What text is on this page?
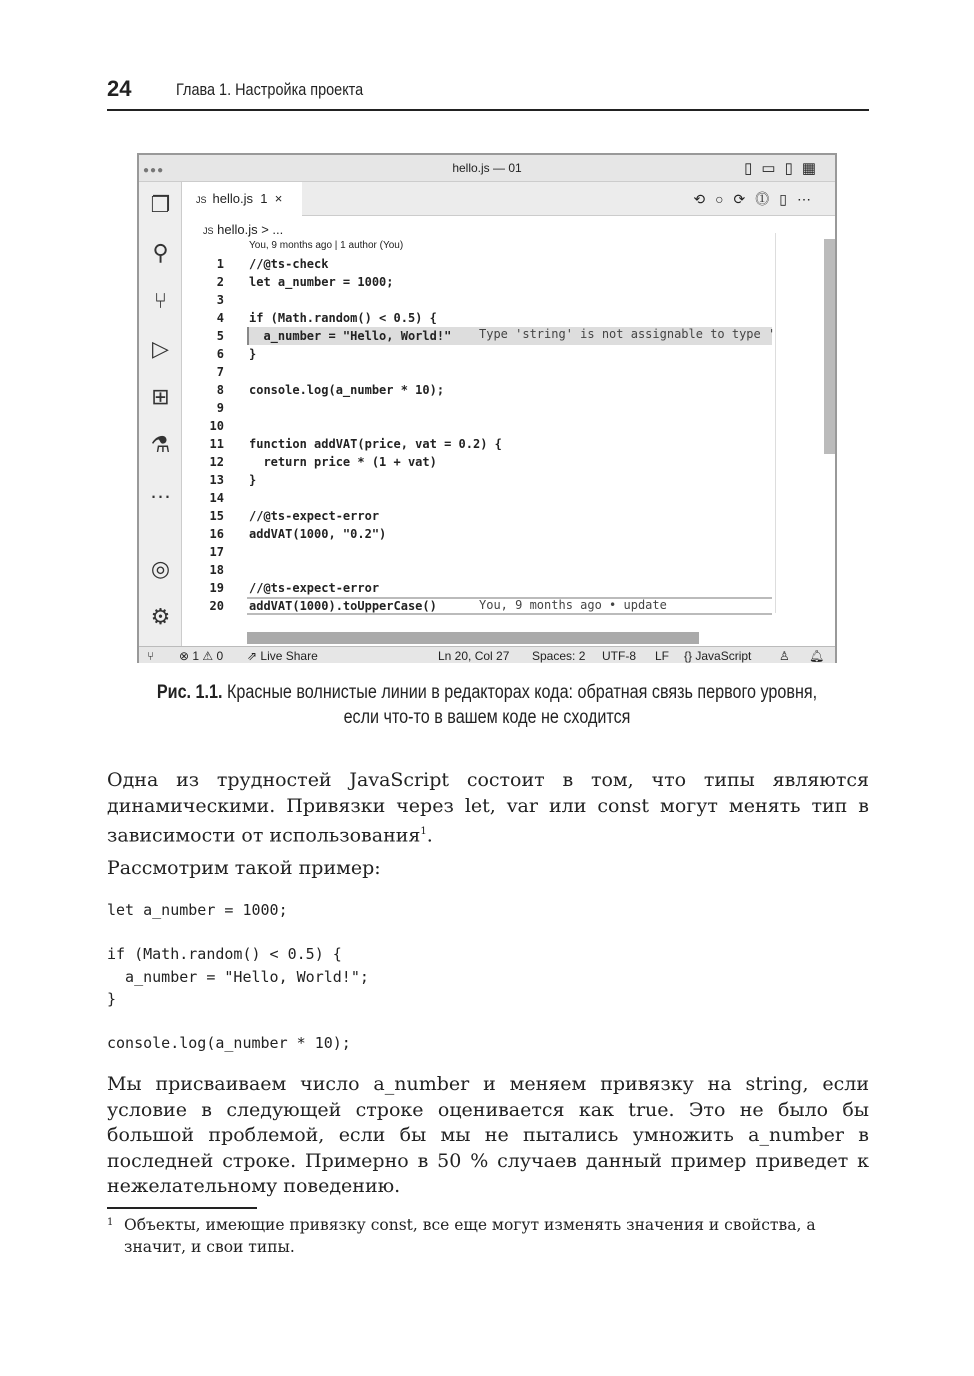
24	Глава 1. Настройка проекта
●●●	hello.js — 01	▯▭▯▦
❐
⚲
⑂
▷
⊞
⚗
…
◎
⚙
JS hello.js 1 ×	⟲○⟳⓵▯⋯
JS hello.js > ...
You, 9 months ago | 1 author (You)
1 //@ts-check
2 let a_number = 1000;
3
4 if (Math.random() < 0.5) {
5 a_number = "Hello, World!"
6 }
7
8 console.log(a_number * 10);
9
10
11 function addVAT(price, vat = 0.2) {
12 return price * (1 + vat)
13 }
14
15 //@ts-expect-error
16 addVAT(1000, "0.2")
17
18
19 //@ts-expect-error
20 addVAT(1000).toUpperCase()
Type 'string' is not assignable to type '
You, 9 months ago • update
⑂ ⊗ 1 ⚠ 0 ⇗ Live Share	Ln 20, Col 27 Spaces: 2 UTF-8 LF {} JavaScript ♙ 🔔︎
Рис. 1.1. Красные волнистые линии в редакторах кода: обратная связь первого уровня,
если что-то в вашем коде не сходится
Одна из трудностей JavaScript состоит в том, что типы являются динамическими. Привязки через let, var или const могут менять тип в зависимости от использования$^1$.
Рассмотрим такой пример:
let a_number = 1000;
if (Math.random() < 0.5) {
a_number = "Hello, World!";
}
console.log(a_number * 10);
Мы присваиваем число a_number и меняем привязку на string, если условие в следующей строке оценивается как true. Это не было бы большой проблемой, если бы мы не пытались умножить a_number в последней строке. Примерно в 50 % случаев данный пример приведет к нежелательному поведению.
1 Объекты, имеющие привязку const, все еще могут изменять значения и свойства, а значит, и свои типы.
